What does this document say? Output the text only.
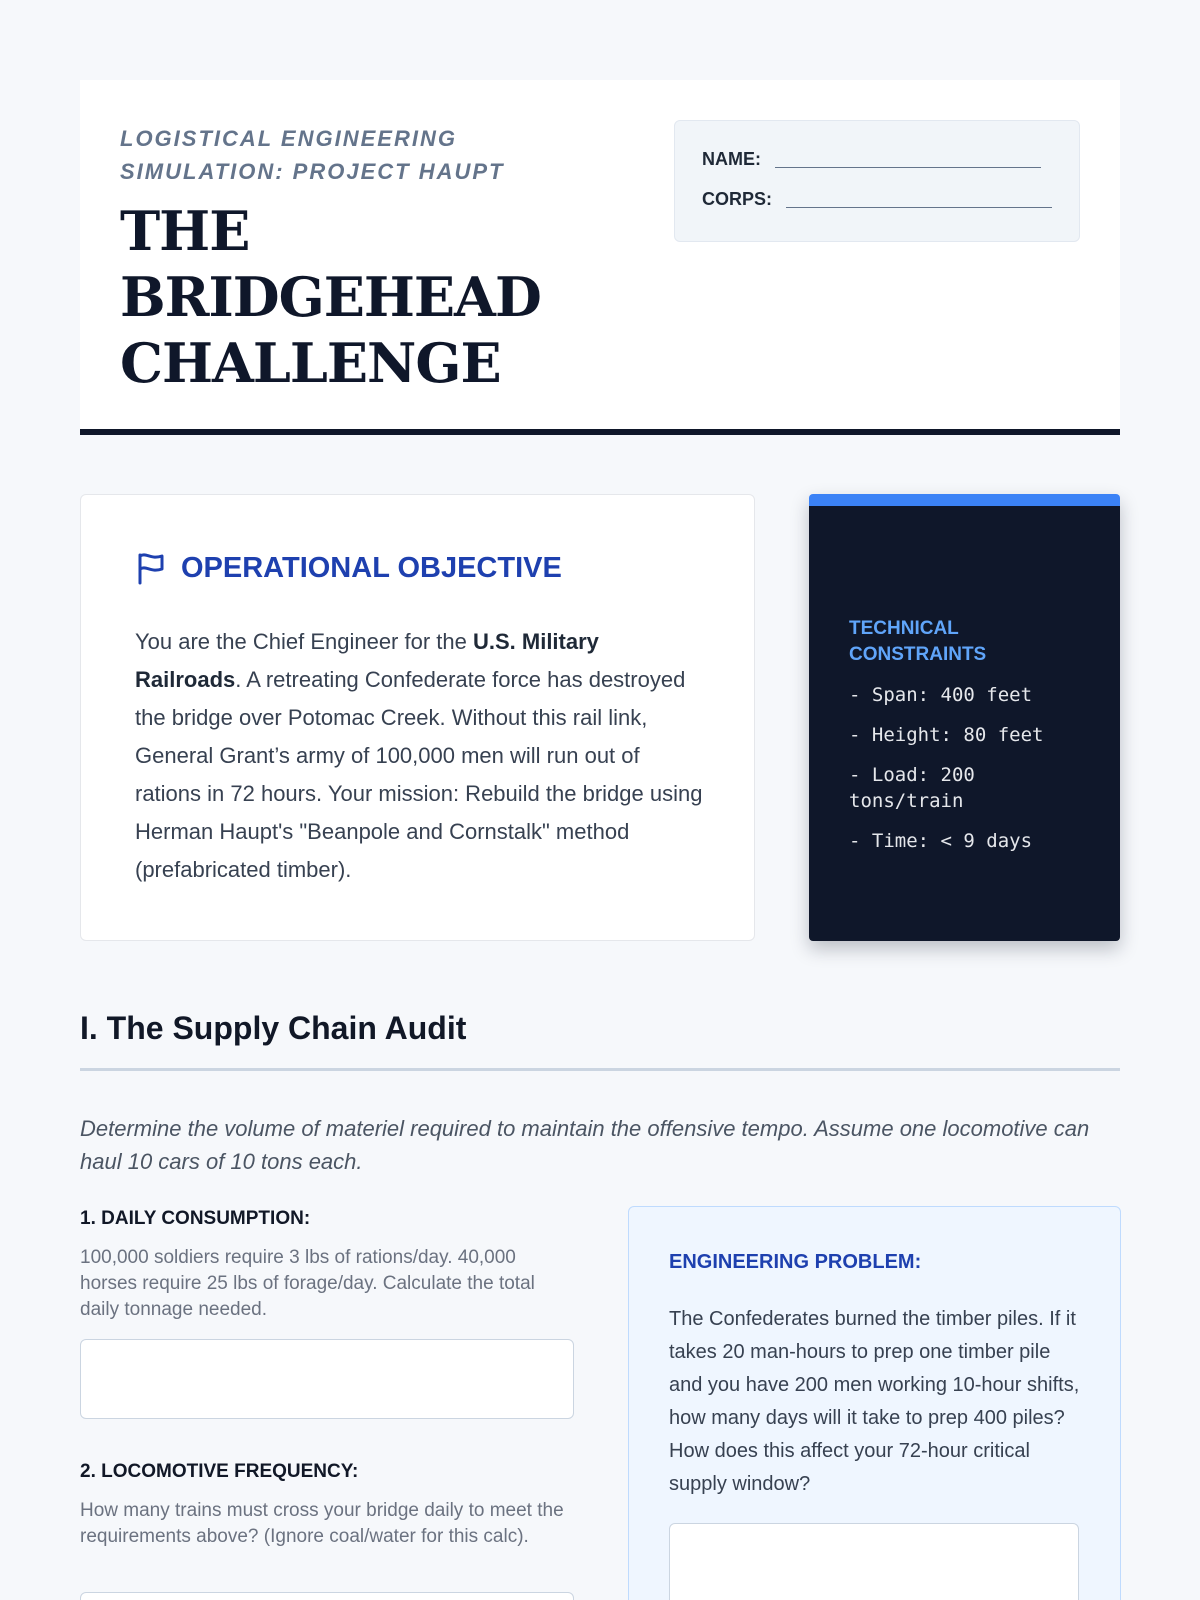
LOGISTICAL ENGINEERING SIMULATION: PROJECT HAUPT
THE BRIDGEHEAD CHALLENGE
NAME:
CORPS:
OPERATIONAL OBJECTIVE
You are the Chief Engineer for the U.S. Military Railroads. A retreating Confederate force has destroyed the bridge over Potomac Creek. Without this rail link, General Grant’s army of 100,000 men will run out of rations in 72 hours. Your mission: Rebuild the bridge using Herman Haupt's "Beanpole and Cornstalk" method (prefabricated timber).
TECHNICAL CONSTRAINTS
- Span: 400 feet
- Height: 80 feet
- Load: 200 tons/train
- Time: < 9 days
I. The Supply Chain Audit
Determine the volume of materiel required to maintain the offensive tempo. Assume one locomotive can haul 10 cars of 10 tons each.
1. DAILY CONSUMPTION:
100,000 soldiers require 3 lbs of rations/day. 40,000 horses require 25 lbs of forage/day. Calculate the total daily tonnage needed.
2. LOCOMOTIVE FREQUENCY:
How many trains must cross your bridge daily to meet the requirements above? (Ignore coal/water for this calc).
ENGINEERING PROBLEM:
The Confederates burned the timber piles. If it takes 20 man-hours to prep one timber pile and you have 200 men working 10-hour shifts, how many days will it take to prep 400 piles? How does this affect your 72-hour critical supply window?
